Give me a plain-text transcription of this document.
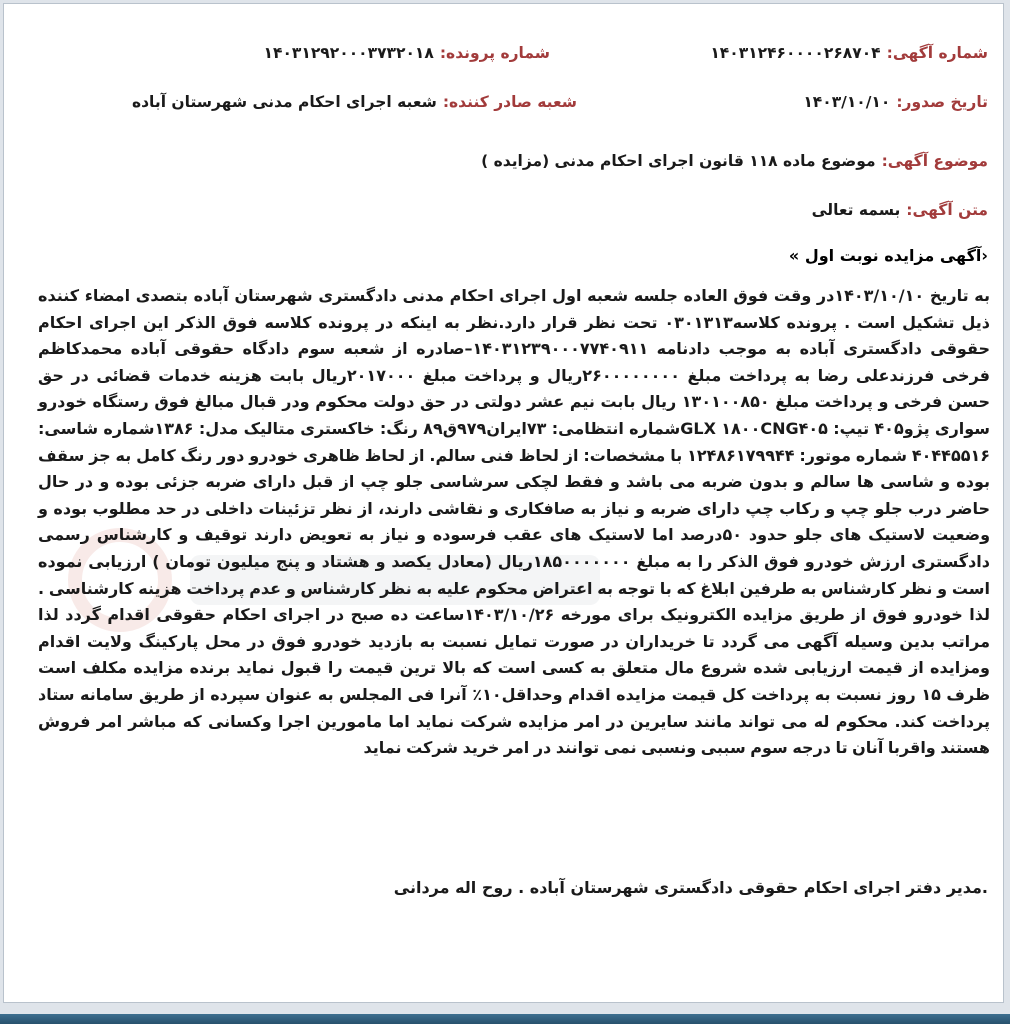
شماره آگهی:۱۴۰۳۱۲۴۶۰۰۰۰۲۶۸۷۰۴
شماره پرونده:۱۴۰۳۱۲۹۲۰۰۰۳۷۳۲۰۱۸
تاریخ صدور:۱۴۰۳/۱۰/۱۰
شعبه صادر کننده:شعبه اجرای احکام مدنی شهرستان آباده
موضوع آگهی:موضوع ماده ۱۱۸ قانون اجرای احکام مدنی (مزایده )
متن آگهی:بسمه تعالی
‹آگهی مزایده نوبت اول »

به تاریخ ۱۴۰۳/۱۰/۱۰در وقت فوق العاده جلسه شعبه اول اجرای احکام مدنی دادگستری شهرستان آباده بتصدی امضاء کننده ذیل تشکیل است . پرونده کلاسه۰۳۰۱۳۱۳ تحت نظر قرار دارد.نظر به اینکه در پرونده کلاسه فوق الذکر این اجرای احکام حقوقی دادگستری آباده به موجب دادنامه ۱۴۰۳۱۲۳۹۰۰۰۷۷۴۰۹۱۱–صادره از شعبه سوم دادگاه حقوقی آباده محمدکاظم فرخی فرزندعلی رضا به پرداخت مبلغ ۲۶۰۰۰۰۰۰۰۰ریال و پرداخت مبلغ ۲۰۱۷۰۰۰ریال بابت هزینه خدمات قضائی در حق حسن فرخی و پرداخت مبلغ ۱۳۰۱۰۰۸۵۰ ریال بابت نیم عشر دولتی در حق دولت محکوم ودر قبال مبالغ فوق رستگاه خودرو سواری پژو۴۰۵ تیپ: GLX ۱۸۰۰CNG۴۰۵شماره انتظامی: ۷۳ایران۹۷۹ق۸۹ رنگ: خاکستری متالیک مدل: ۱۳۸۶شماره شاسی: ۴۰۴۴۵۵۱۶ شماره موتور: ۱۲۴۸۶۱۷۹۹۴۴ با مشخصات: از لحاظ فنی سالم. از لحاظ ظاهری خودرو دور رنگ کامل به جز سقف بوده و شاسی ها سالم و بدون ضربه می باشد و فقط لچکی سرشاسی جلو چپ از قبل دارای ضربه جزئی بوده و در حال حاضر درب جلو چپ و رکاب چپ دارای ضربه و نیاز به صافکاری و نقاشی دارند، از نظر تزئینات داخلی در حد مطلوب بوده و وضعیت لاستیک های جلو حدود ۵۰درصد اما لاستیک های عقب فرسوده و نیاز به تعویض دارند توقیف و کارشناس رسمی دادگستری ارزش خودرو فوق الذکر را به مبلغ ۱۸۵۰۰۰۰۰۰۰ریال (معادل یکصد و هشتاد و پنج میلیون تومان ) ارزیابی نموده است و نظر کارشناس به طرفین ابلاغ که با توجه به اعتراض محکوم علیه به نظر کارشناس و عدم پرداخت هزینه کارشناسی . لذا خودرو فوق از طریق مزایده الکترونیک برای مورخه ۱۴۰۳/۱۰/۲۶ساعت ده صبح در اجرای احکام حقوقی اقدام گردد لذا مراتب بدین وسیله آگهی می گردد تا خریداران در صورت تمایل نسبت به بازدید خودرو فوق در محل پارکینگ ولایت اقدام ومزایده از قیمت ارزیابی شده شروع مال متعلق به کسی است که بالا ترین قیمت را قبول نماید برنده مزایده مکلف است ظرف ۱۵ روز نسبت به پرداخت کل قیمت مزایده اقدام وحداقل۱۰٪ آنرا فی المجلس به عنوان سپرده از طریق سامانه ستاد پرداخت کند. محکوم له می تواند مانند سایرین در امر مزایده شرکت نماید اما مامورین اجرا وکسانی که مباشر امر فروش هستند واقربا آنان تا درجه سوم سببی ونسبی نمی توانند در امر خرید شرکت نماید

.مدیر دفتر اجرای احکام حقوقی دادگستری شهرستان آباده . روح اله مردانی
